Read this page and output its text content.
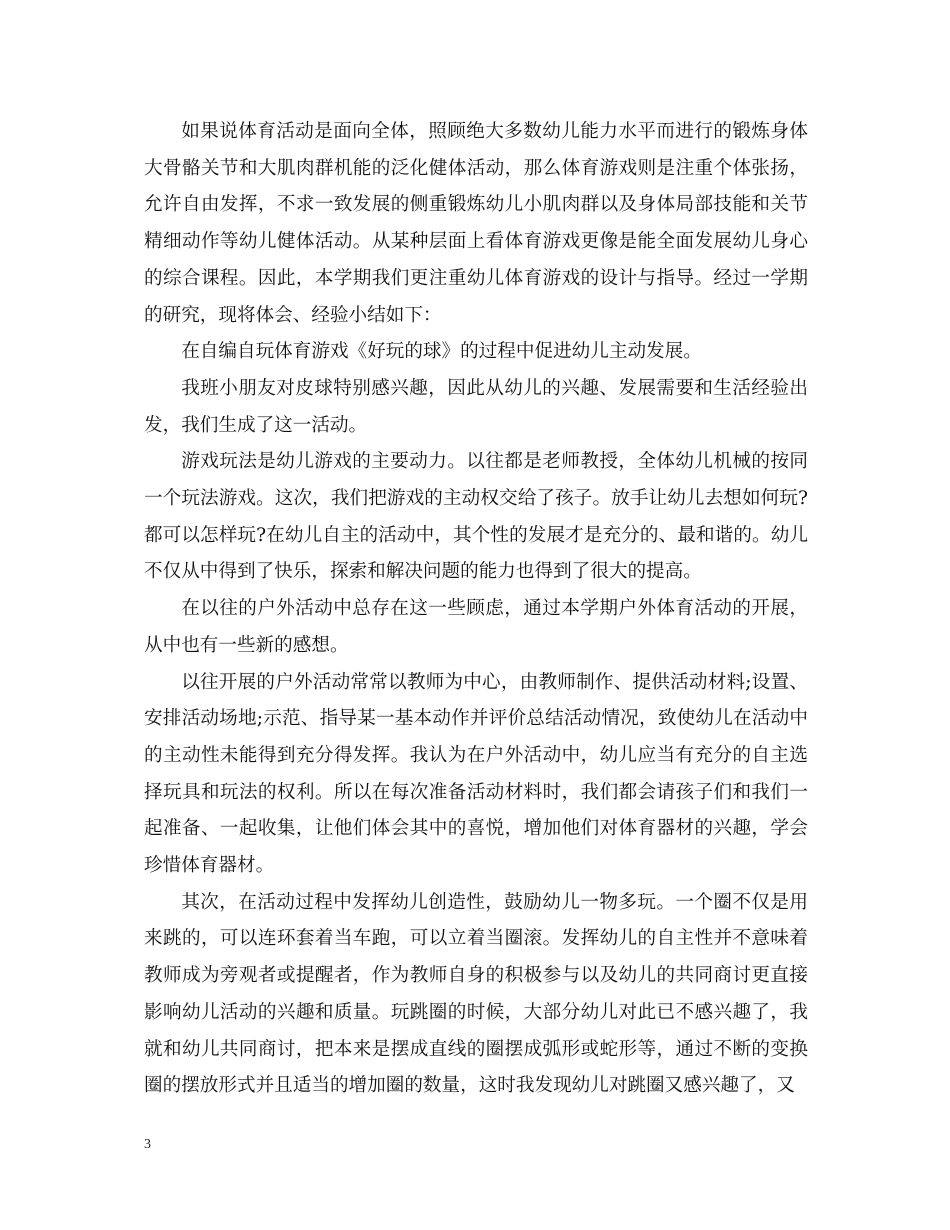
如果说体育活动是面向全体，照顾绝大多数幼儿能力水平而进行的锻炼身体大骨骼关节和大肌肉群机能的泛化健体活动，那么体育游戏则是注重个体张扬，允许自由发挥，不求一致发展的侧重锻炼幼儿小肌肉群以及身体局部技能和关节精细动作等幼儿健体活动。从某种层面上看体育游戏更像是能全面发展幼儿身心的综合课程。因此，本学期我们更注重幼儿体育游戏的设计与指导。经过一学期的研究，现将体会、经验小结如下：

在自编自玩体育游戏《好玩的球》的过程中促进幼儿主动发展。

我班小朋友对皮球特别感兴趣，因此从幼儿的兴趣、发展需要和生活经验出发，我们生成了这一活动。

游戏玩法是幼儿游戏的主要动力。以往都是老师教授，全体幼儿机械的按同一个玩法游戏。这次，我们把游戏的主动权交给了孩子。放手让幼儿去想如何玩?都可以怎样玩?在幼儿自主的活动中，其个性的发展才是充分的、最和谐的。幼儿不仅从中得到了快乐，探索和解决问题的能力也得到了很大的提高。

在以往的户外活动中总存在这一些顾虑，通过本学期户外体育活动的开展，从中也有一些新的感想。

以往开展的户外活动常常以教师为中心，由教师制作、提供活动材料;设置、安排活动场地;示范、指导某一基本动作并评价总结活动情况，致使幼儿在活动中的主动性未能得到充分得发挥。我认为在户外活动中，幼儿应当有充分的自主选择玩具和玩法的权利。所以在每次准备活动材料时，我们都会请孩子们和我们一起准备、一起收集，让他们体会其中的喜悦，增加他们对体育器材的兴趣，学会珍惜体育器材。

其次，在活动过程中发挥幼儿创造性，鼓励幼儿一物多玩。一个圈不仅是用来跳的，可以连环套着当车跑，可以立着当圈滚。发挥幼儿的自主性并不意味着教师成为旁观者或提醒者，作为教师自身的积极参与以及幼儿的共同商讨更直接影响幼儿活动的兴趣和质量。玩跳圈的时候，大部分幼儿对此已不感兴趣了，我就和幼儿共同商讨，把本来是摆成直线的圈摆成弧形或蛇形等，通过不断的变换圈的摆放形式并且适当的增加圈的数量，这时我发现幼儿对跳圈又感兴趣了，又

3
